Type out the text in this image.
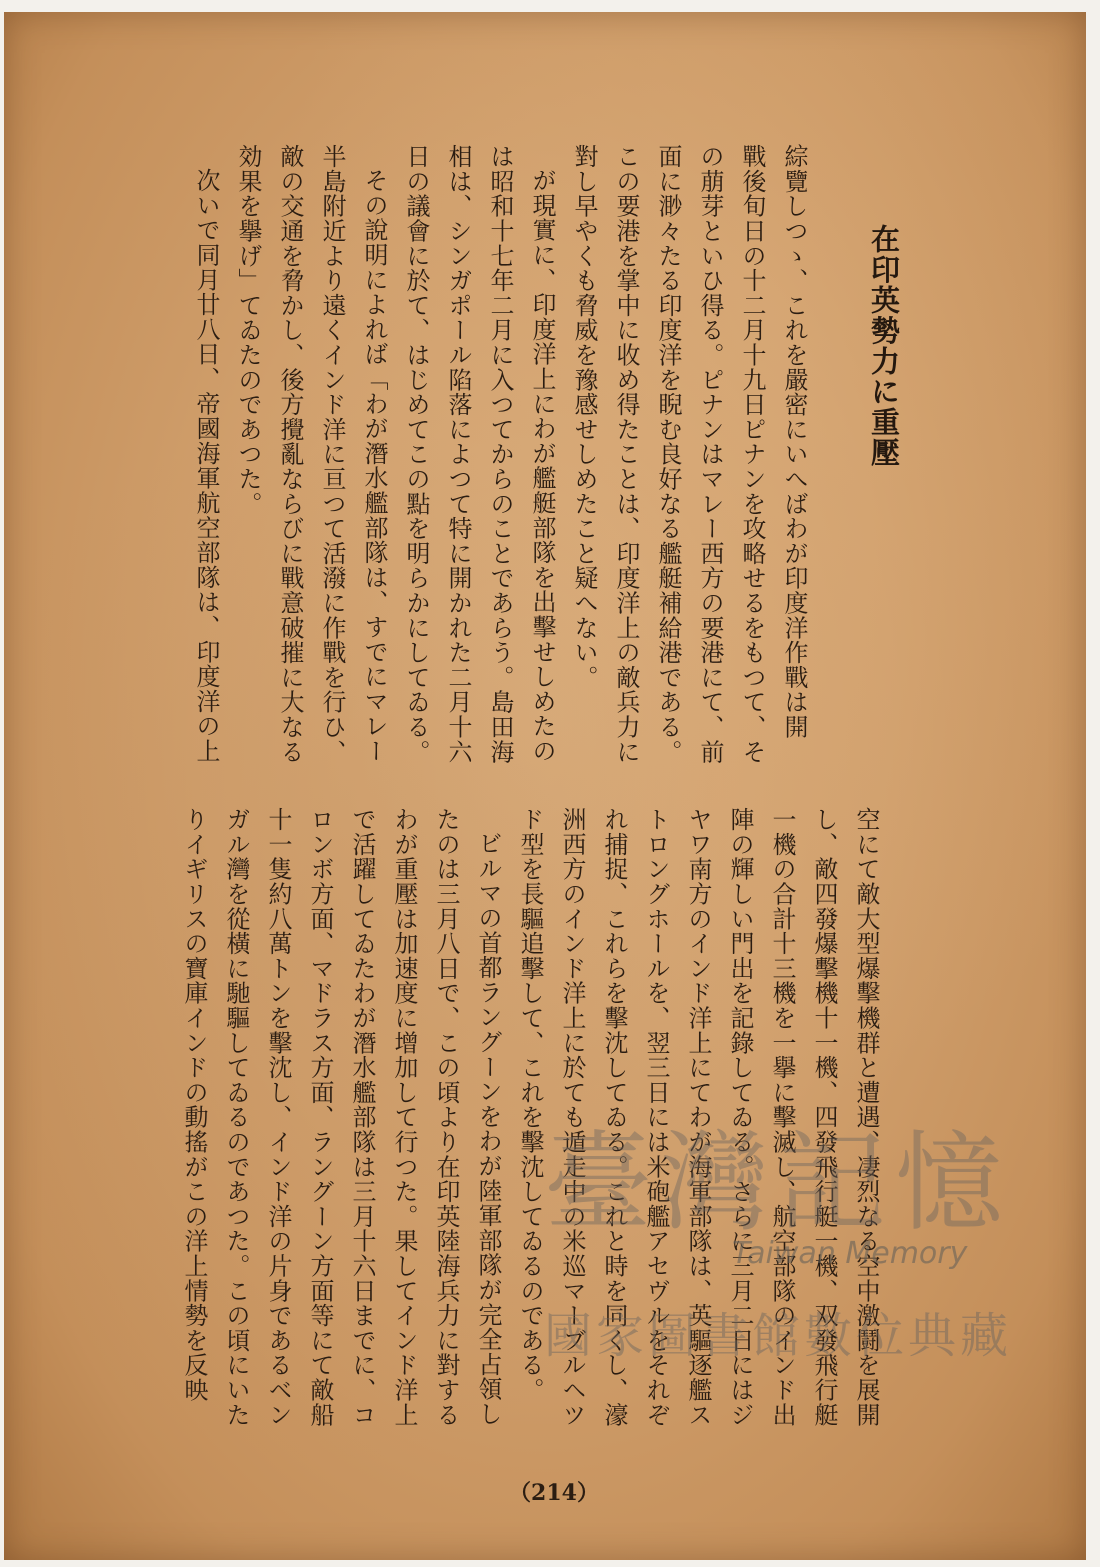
在印英勢力に重壓
綜覽しつゝ、これを嚴密にいへばわが印度洋作戰は開
戰後旬日の十二月十九日ピナンを攻略せるをもつて、そ
の萠芽といひ得る。ピナンはマレー西方の要港にて、前
面に渺々たる印度洋を睨む良好なる艦艇補給港である。
この要港を掌中に收め得たことは、印度洋上の敵兵力に
對し早やくも脅威を豫感せしめたこと疑へない。
が現實に、印度洋上にわが艦艇部隊を出擊せしめたの
は昭和十七年二月に入つてからのことであらう。島田海
相は、シンガポール陷落によつて特に開かれた二月十六
日の議會に於て、はじめてこの點を明らかにしてゐる。
その說明によれば「わが潛水艦部隊は、すでにマレー
半島附近より遠くインド洋に亘つて活潑に作戰を行ひ、
敵の交通を脅かし、後方攪亂ならびに戰意破摧に大なる
効果を擧げ」てゐたのであつた。
次いで同月廿八日、帝國海軍航空部隊は、印度洋の上
空にて敵大型爆擊機群と遭遇、凄烈なる空中激鬪を展開
し、敵四發爆擊機十一機、四發飛行艇一機、双發飛行艇
一機の合計十三機を一擧に擊滅し、航空部隊のインド出
陣の輝しい門出を記錄してゐる。さらに三月二日にはジ
ヤワ南方のインド洋上にてわが海軍部隊は、英驅逐艦ス
トロングホールを、翌三日には米砲艦アセヴルをそれぞ
れ捕捉、これらを擊沈してゐる。これと時を同くし、濠
洲西方のインド洋上に於ても遁走中の米巡マーブルヘツ
ド型を長驅追擊して、これを擊沈してゐるのである。
ビルマの首都ラングーンをわが陸軍部隊が完全占領し
たのは三月八日で、この頃より在印英陸海兵力に對する
わが重壓は加速度に增加して行つた。果してインド洋上
で活躍してゐたわが潛水艦部隊は三月十六日までに、コ
ロンボ方面、マドラス方面、ラングーン方面等にて敵船
十一隻約八萬トンを擊沈し、インド洋の片身であるベン
ガル灣を從橫に馳驅してゐるのであつた。この頃にいた
りイギリスの寶庫インドの動搖がこの洋上情勢を反映
（214）
臺灣記憶
Taiwan Memory
國家圖書館數位典藏
